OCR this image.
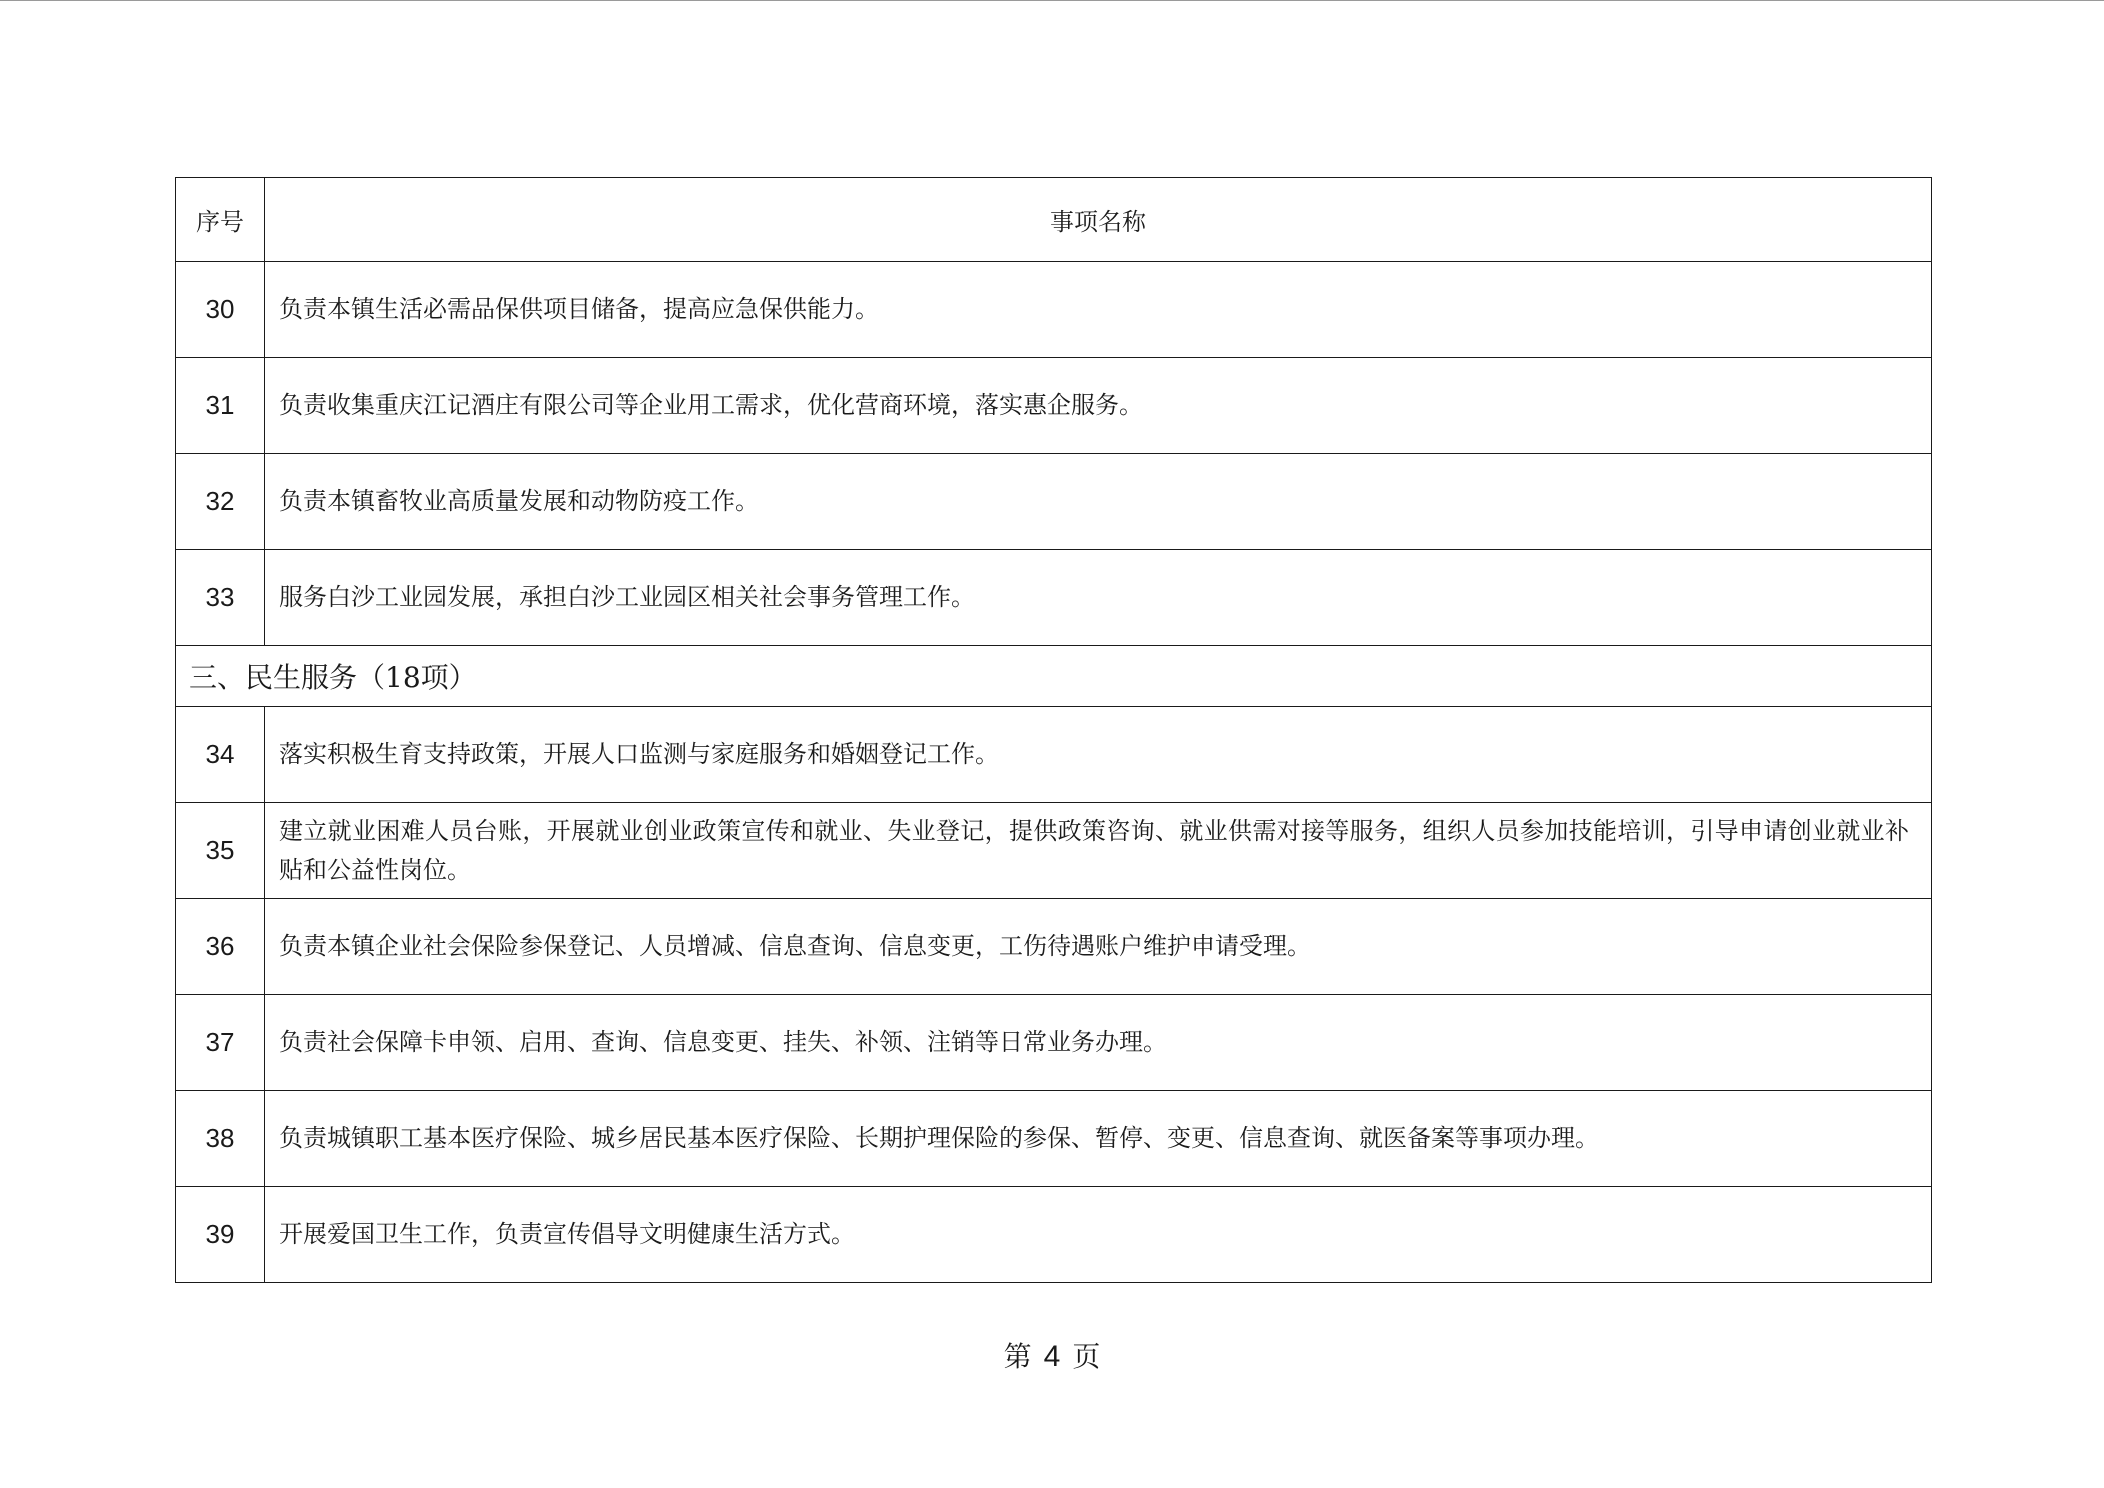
序号	事项名称
30	负责本镇生活必需品保供项目储备，提高应急保供能力。
31	负责收集重庆江记酒庄有限公司等企业用工需求，优化营商环境，落实惠企服务。
32	负责本镇畜牧业高质量发展和动物防疫工作。
33	服务白沙工业园发展，承担白沙工业园区相关社会事务管理工作。
三、民生服务（18项）	
34	落实积极生育支持政策，开展人口监测与家庭服务和婚姻登记工作。
35	建立就业困难人员台账，开展就业创业政策宣传和就业、失业登记，提供政策咨询、就业供需对接等服务，组织人员参加技能培训，引导申请创业就业补贴和公益性岗位。
36	负责本镇企业社会保险参保登记、人员增减、信息查询、信息变更，工伤待遇账户维护申请受理。
37	负责社会保障卡申领、启用、查询、信息变更、挂失、补领、注销等日常业务办理。
38	负责城镇职工基本医疗保险、城乡居民基本医疗保险、长期护理保险的参保、暂停、变更、信息查询、就医备案等事项办理。
39	开展爱国卫生工作，负责宣传倡导文明健康生活方式。
第 4 页
